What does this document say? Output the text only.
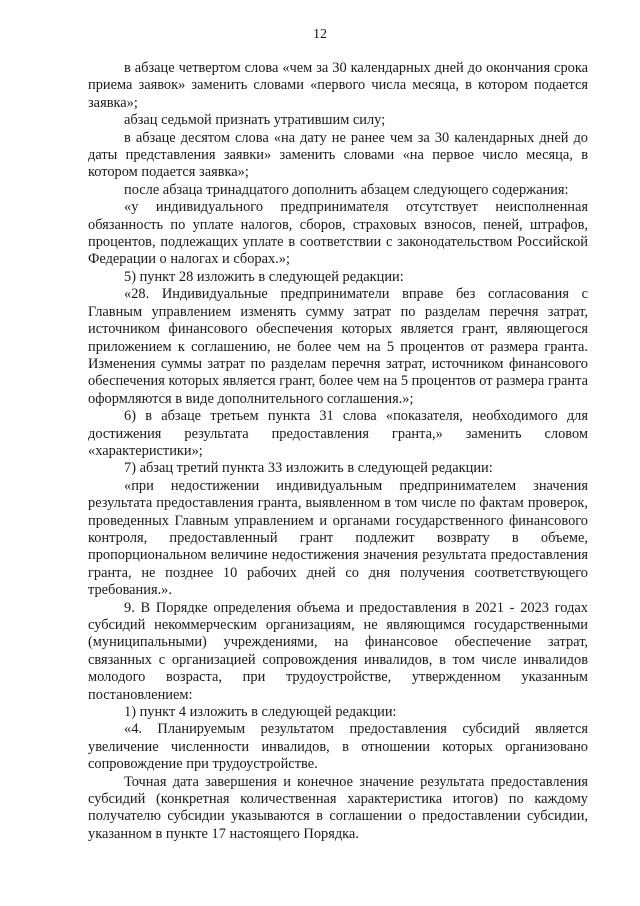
12

в абзаце четвертом слова «чем за 30 календарных дней до окончания срока приема заявок» заменить словами «первого числа месяца, в котором подается заявка»;

абзац седьмой признать утратившим силу;

в абзаце десятом слова «на дату не ранее чем за 30 календарных дней до даты представления заявки» заменить словами «на первое число месяца, в котором подается заявка»;

после абзаца тринадцатого дополнить абзацем следующего содержания:

«у индивидуального предпринимателя отсутствует неисполненная обязанность по уплате налогов, сборов, страховых взносов, пеней, штрафов, процентов, подлежащих уплате в соответствии с законодательством Российской Федерации о налогах и сборах.»;

5) пункт 28 изложить в следующей редакции:

«28. Индивидуальные предприниматели вправе без согласования с Главным управлением изменять сумму затрат по разделам перечня затрат, источником финансового обеспечения которых является грант, являющегося приложением к соглашению, не более чем на 5 процентов от размера гранта. Изменения суммы затрат по разделам перечня затрат, источником финансового обеспечения которых является грант, более чем на 5 процентов от размера гранта оформляются в виде дополнительного соглашения.»;

6) в абзаце третьем пункта 31 слова «показателя, необходимого для достижения результата предоставления гранта,» заменить словом «характеристики»;

7) абзац третий пункта 33 изложить в следующей редакции:

«при недостижении индивидуальным предпринимателем значения результата предоставления гранта, выявленном в том числе по фактам проверок, проведенных Главным управлением и органами государственного финансового контроля, предоставленный грант подлежит возврату в объеме, пропорциональном величине недостижения значения результата предоставления гранта, не позднее 10 рабочих дней со дня получения соответствующего требования.».

9. В Порядке определения объема и предоставления в 2021 - 2023 годах субсидий некоммерческим организациям, не являющимся государственными (муниципальными) учреждениями, на финансовое обеспечение затрат, связанных с организацией сопровождения инвалидов, в том числе инвалидов молодого возраста, при трудоустройстве, утвержденном указанным постановлением:

1) пункт 4 изложить в следующей редакции:

«4. Планируемым результатом предоставления субсидий является увеличение численности инвалидов, в отношении которых организовано сопровождение при трудоустройстве.

Точная дата завершения и конечное значение результата предоставления субсидий (конкретная количественная характеристика итогов) по каждому получателю субсидии указываются в соглашении о предоставлении субсидии, указанном в пункте 17 настоящего Порядка.
